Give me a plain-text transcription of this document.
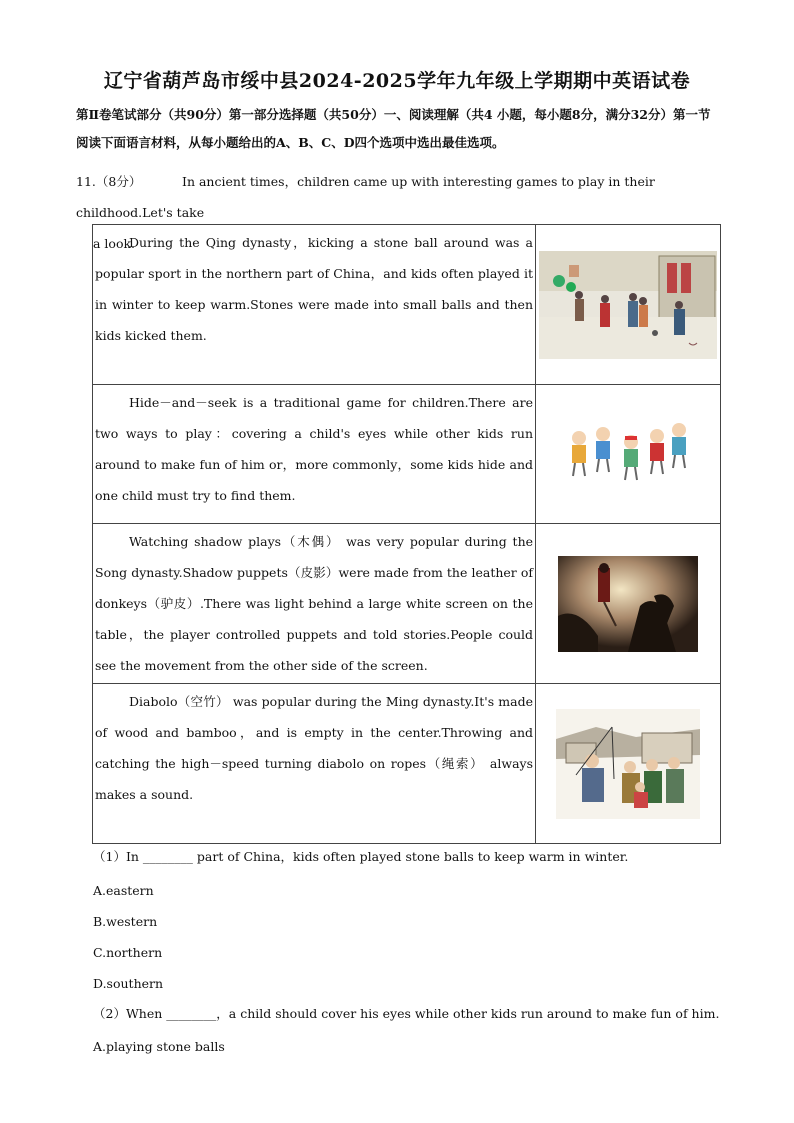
辽宁省葫芦岛市绥中县2024-2025学年九年级上学期期中英语试卷
第Ⅱ卷笔试部分（共90分）第一部分选择题（共50分）一、阅读理解（共4 小题，每小题8分，满分32分）第一节阅读下面语言材料，从每小题给出的A、B、C、D四个选项中选出最佳选项。
11.（8分）	In ancient times，children came up with interesting games to play in their childhood.Let's take
a look.

During the Qing dynasty，kicking a stone ball around was a popular sport in the northern part of China，and kids often played it in winter to keep warm.Stones were made into small balls and then kids kicked them.

Hide－and－seek is a traditional game for children.There are two ways to play：covering a child's eyes while other kids run around to make fun of him or，more commonly，some kids hide and one child must try to find them.

Watching shadow plays（木偶） was very popular during the Song dynasty.Shadow puppets（皮影）were made from the leather of donkeys（驴皮）.There was light behind a large white screen on the table，the player controlled puppets and told stories.People could see the movement from the other side of the screen.

Diabolo（空竹） was popular during the Ming dynasty.It's made of wood and bamboo，and is empty in the center.Throwing and catching the high－speed turning diabolo on ropes（绳索） always makes a sound.

（1）In ________ part of China，kids often played stone balls to keep warm in winter.
A.eastern
B.western
C.northern
D.southern
（2）When ________，a child should cover his eyes while other kids run around to make fun of him.
A.playing stone balls
